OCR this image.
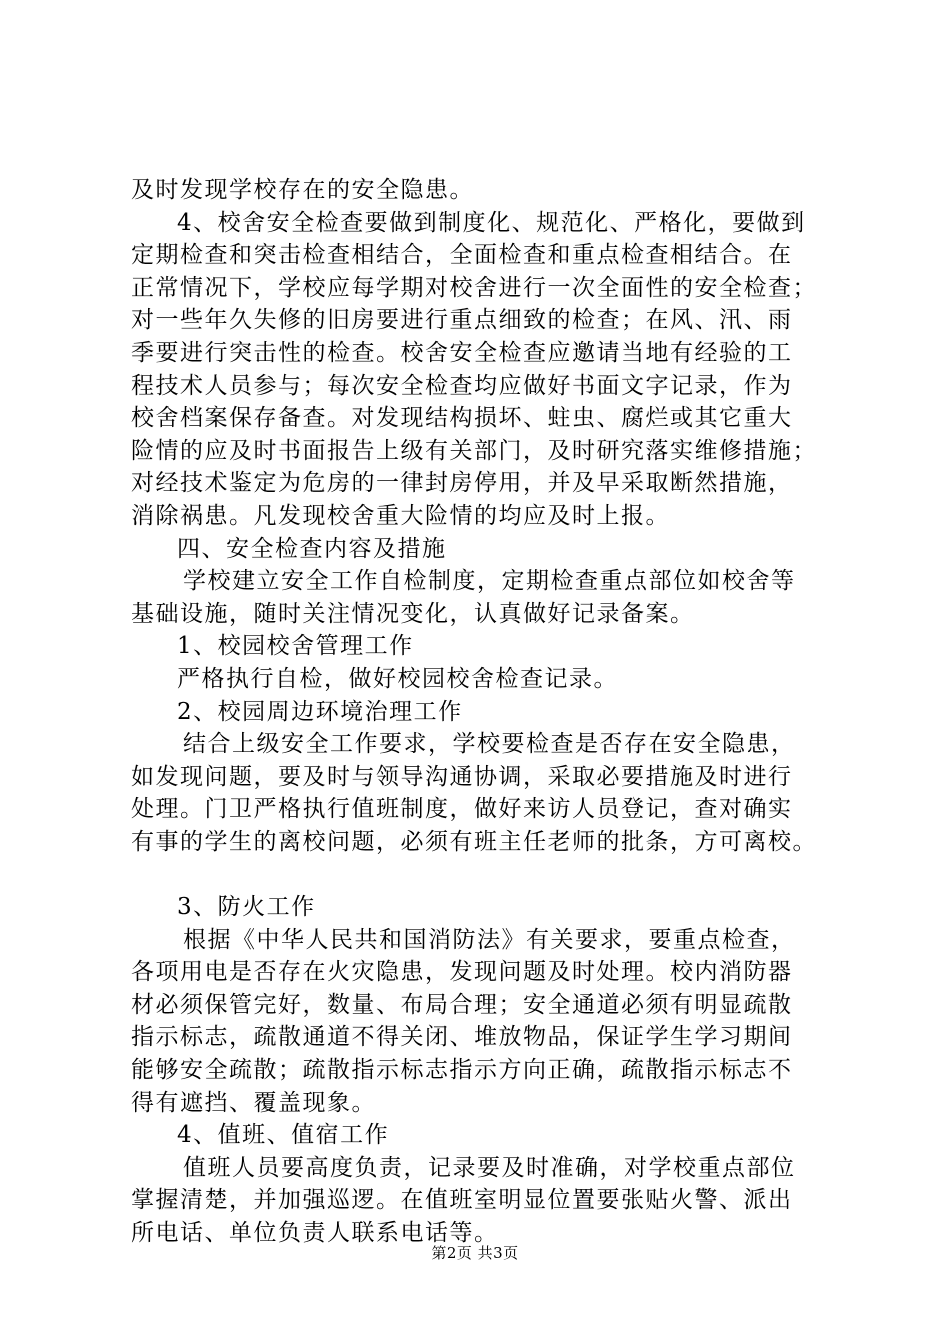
及时发现学校存在的安全隐患。
4、校舍安全检查要做到制度化、规范化、严格化，要做到
定期检查和突击检查相结合，全面检查和重点检查相结合。在
正常情况下，学校应每学期对校舍进行一次全面性的安全检查；
对一些年久失修的旧房要进行重点细致的检查；在风、汛、雨
季要进行突击性的检查。校舍安全检查应邀请当地有经验的工
程技术人员参与；每次安全检查均应做好书面文字记录，作为
校舍档案保存备查。对发现结构损坏、蛀虫、腐烂或其它重大
险情的应及时书面报告上级有关部门，及时研究落实维修措施；
对经技术鉴定为危房的一律封房停用，并及早采取断然措施，
消除祸患。凡发现校舍重大险情的均应及时上报。
四、安全检查内容及措施
学校建立安全工作自检制度，定期检查重点部位如校舍等
基础设施，随时关注情况变化，认真做好记录备案。
1、校园校舍管理工作
严格执行自检，做好校园校舍检查记录。
2、校园周边环境治理工作
结合上级安全工作要求，学校要检查是否存在安全隐患，
如发现问题，要及时与领导沟通协调，采取必要措施及时进行
处理。门卫严格执行值班制度，做好来访人员登记，查对确实
有事的学生的离校问题，必须有班主任老师的批条，方可离校。
3、防火工作
根据《中华人民共和国消防法》有关要求，要重点检查，
各项用电是否存在火灾隐患，发现问题及时处理。校内消防器
材必须保管完好，数量、布局合理；安全通道必须有明显疏散
指示标志，疏散通道不得关闭、堆放物品，保证学生学习期间
能够安全疏散；疏散指示标志指示方向正确，疏散指示标志不
得有遮挡、覆盖现象。
4、值班、值宿工作
值班人员要高度负责，记录要及时准确，对学校重点部位
掌握清楚，并加强巡逻。在值班室明显位置要张贴火警、派出
所电话、单位负责人联系电话等。
第2页 共3页
